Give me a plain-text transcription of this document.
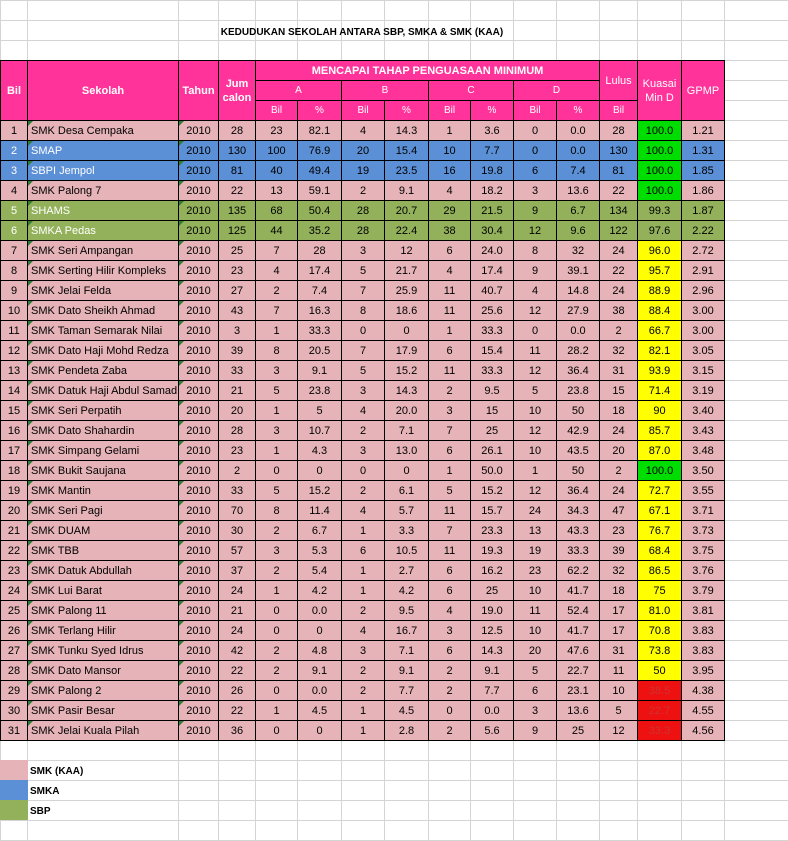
KEDUDUKAN SEKOLAH ANTARA SBP, SMKA & SMK (KAA)
Bil	Sekolah	Tahun
Jum
calon
MENCAPAI TAHAP PENGUASAAN MINIMUM
A
Bil	%
B
Bil	%
C
Bil	%
D
Bil	%
Lulus
Bil
Kuasai
Min D
GPMP
1	SMK Desa Cempaka	2010	28	23	82.1	4	14.3	1	3.6	0	0.0	28	100.0	1.21
2	SMAP	2010	130	100	76.9	20	15.4	10	7.7	0	0.0	130	100.0	1.31
3	SBPI Jempol	2010	81	40	49.4	19	23.5	16	19.8	6	7.4	81	100.0	1.85
4	SMK Palong 7	2010	22	13	59.1	2	9.1	4	18.2	3	13.6	22	100.0	1.86
5	SHAMS	2010	135	68	50.4	28	20.7	29	21.5	9	6.7	134	99.3	1.87
6	SMKA Pedas	2010	125	44	35.2	28	22.4	38	30.4	12	9.6	122	97.6	2.22
7	SMK Seri Ampangan	2010	25	7	28	3	12	6	24.0	8	32	24	96.0	2.72
8	SMK Serting Hilir Kompleks	2010	23	4	17.4	5	21.7	4	17.4	9	39.1	22	95.7	2.91
9	SMK Jelai Felda	2010	27	2	7.4	7	25.9	11	40.7	4	14.8	24	88.9	2.96
10 SMK Dato Sheikh Ahmad	2010	43	7	16.3	8	18.6	11	25.6	12	27.9	38	88.4	3.00
11	SMK Taman Semarak Nilai	2010	3	1	33.3	0	0	1	33.3	0	0.0	2	66.7	3.00
12 SMK Dato Haji Mohd Redza	2010	39	8	20.5	7	17.9	6	15.4	11	28.2	32	82.1	3.05
13 SMK Pendeta Zaba	2010	33	3	9.1	5	15.2	11	33.3	12	36.4	31	93.9	3.15
14 SMK Datuk Haji Abdul Samad 2010	21	5	23.8	3	14.3	2	9.5	5	23.8	15	71.4	3.19
15 SMK Seri Perpatih	2010	20	1	5	4	20.0	3	15	10	50	18	90	3.40
16 SMK Dato Shahardin	2010	28	3	10.7	2	7.1	7	25	12	42.9	24	85.7	3.43
17 SMK Simpang Gelami	2010	23	1	4.3	3	13.0	6	26.1	10	43.5	20	87.0	3.48
18 SMK Bukit Saujana	2010	2	0	0	0	0	1	50.0	1	50	2	100.0	3.50
19 SMK Mantin	2010	33	5	15.2	2	6.1	5	15.2	12	36.4	24	72.7	3.55
20 SMK Seri Pagi	2010	70	8	11.4	4	5.7	11	15.7	24	34.3	47	67.1	3.71
21 SMK DUAM	2010	30	2	6.7	1	3.3	7	23.3	13	43.3	23	76.7	3.73
22 SMK TBB	2010	57	3	5.3	6	10.5	11	19.3	19	33.3	39	68.4	3.75
23 SMK Datuk Abdullah	2010	37	2	5.4	1	2.7	6	16.2	23	62.2	32	86.5	3.76
24 SMK Lui Barat	2010	24	1	4.2	1	4.2	6	25	10	41.7	18	75	3.79
25 SMK Palong 11	2010	21	0	0.0	2	9.5	4	19.0	11	52.4	17	81.0	3.81
26 SMK Terlang Hilir	2010	24	0	0	4	16.7	3	12.5	10	41.7	17	70.8	3.83
27 SMK Tunku Syed Idrus	2010	42	2	4.8	3	7.1	6	14.3	20	47.6	31	73.8	3.83
28 SMK Dato Mansor	2010	22	2	9.1	2	9.1	2	9.1	5	22.7	11	50	3.95
29 SMK Palong 2	2010	26	0	0.0	2	7.7	2	7.7	6	23.1	10	38.5	4.38
30 SMK Pasir Besar	2010	22	1	4.5	1	4.5	0	0.0	3	13.6	5	22.7	4.55
31 SMK Jelai Kuala Pilah	2010	36	0	0	1	2.8	2	5.6	9	25	12	33.3	4.56
SMK (KAA)
SMKA
SBP
